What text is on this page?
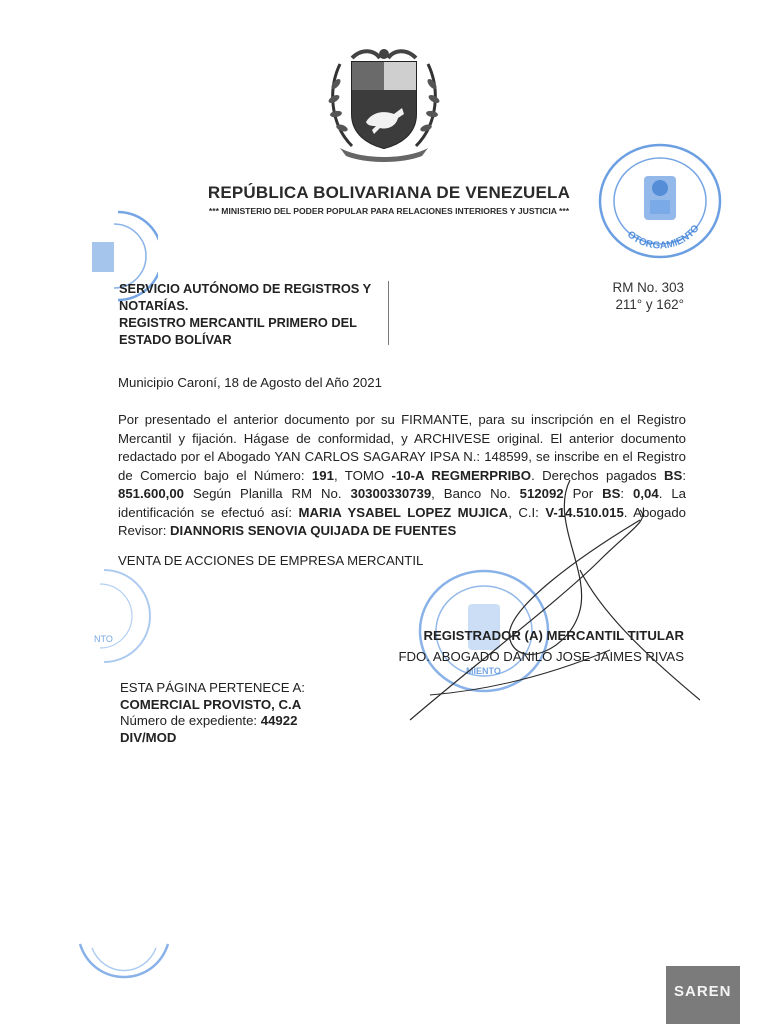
REPÚBLICA BOLIVARIANA DE VENEZUELA
*** MINISTERIO DEL PODER POPULAR PARA RELACIONES INTERIORES Y JUSTICIA ***
OTORGAMIENTO
SERVICIO AUTÓNOMO DE REGISTROS Y
NOTARÍAS.
REGISTRO MERCANTIL PRIMERO DEL
ESTADO BOLÍVAR
RM No. 303
211° y 162°
Municipio Caroní, 18 de Agosto del Año 2021
Por presentado el anterior documento por su FIRMANTE, para su inscripción en el Registro Mercantil y fijación. Hágase de conformidad, y ARCHIVESE original. El anterior documento redactado por el Abogado YAN CARLOS SAGARAY IPSA N.: 148599, se inscribe en el Registro de Comercio bajo el Número: 191, TOMO -10-A REGMERPRIBO. Derechos pagados BS: 851.600,00 Según Planilla RM No. 30300330739, Banco No. 512092 Por BS: 0,04. La identificación se efectuó así: MARIA YSABEL LOPEZ MUJICA, C.I: V-14.510.015. Abogado Revisor: DIANNORIS SENOVIA QUIJADA DE FUENTES
VENTA DE ACCIONES DE EMPRESA MERCANTIL
NTO
MIENTO
REGISTRADOR (A) MERCANTIL TITULAR
FDO. ABOGADO DANILO JOSE JAIMES RIVAS
ESTA PÁGINA PERTENECE A:
COMERCIAL PROVISTO, C.A
Número de expediente: 44922
DIV/MOD
SAREN
